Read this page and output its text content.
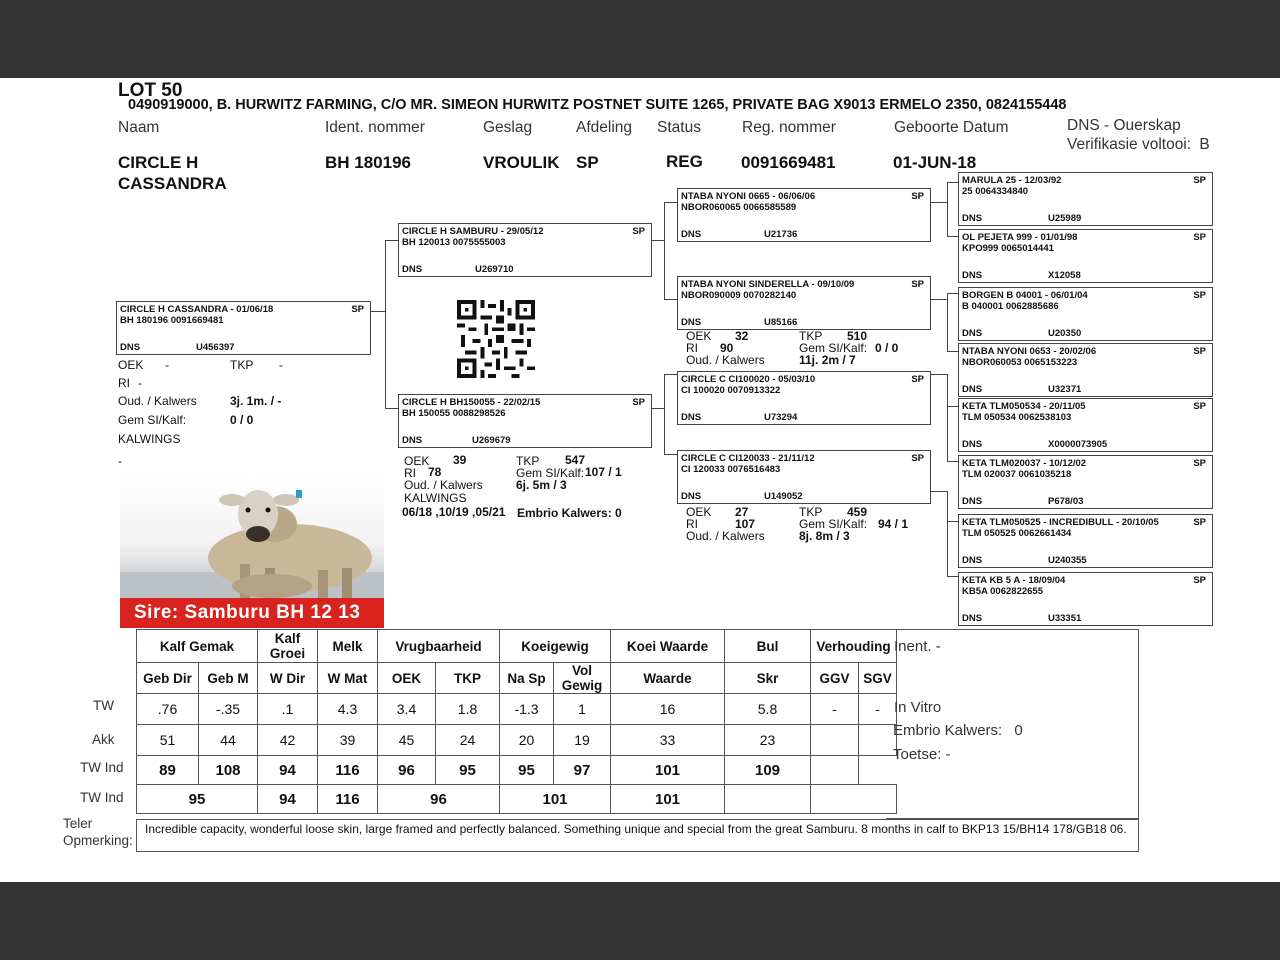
LOT 50
0490919000, B. HURWITZ FARMING, C/O MR. SIMEON HURWITZ POSTNET SUITE 1265, PRIVATE BAG X9013 ERMELO 2350, 0824155448
Naam	Ident. nommer	Geslag	Afdeling Status	Reg. nommer	Geboorte Datum	DNS - Ouerskap
Verifikasie voltooi: B
CIRCLE H
CASSANDRA
BH 180196	VROULIK SP	REG 0091669481	01-JUN-18
CIRCLE H CASSANDRA - 01/06/18	SP
BH 180196 0091669481
DNS	U456397
OEK -	TKP -
RI -
Oud. / Kalwers	3j. 1m. / -
Gem SI/Kalf:	0 / 0
KALWINGS
-
Sire: Samburu BH 12 13
CIRCLE H SAMBURU - 29/05/12	SP
BH 120013 0075555003
DNS	U269710
CIRCLE H BH150055 - 22/02/15	SP
BH 150055 0088298526
DNS	U269679
OEK 39	TKP 547
RI 78	Gem SI/Kalf: 107 / 1
Oud. / Kalwers	6j. 5m / 3
KALWINGS
06/18 ,10/19 ,05/21 Embrio Kalwers: 0
NTABA NYONI 0665 - 06/06/06	SP
NBOR060065 0066585589
DNS	U21736
NTABA NYONI SINDERELLA - 09/10/09	SP
NBOR090009 0070282140
DNS	U85166
OEK 32	TKP 510
RI 90	Gem SI/Kalf: 0 / 0
Oud. / Kalwers	11j. 2m / 7
CIRCLE C CI100020 - 05/03/10	SP
CI 100020 0070913322
DNS	U73294
CIRCLE C CI120033 - 21/11/12	SP
CI 120033 0076516483
DNS	U149052
OEK 27	TKP 459
RI	107	Gem SI/Kalf: 94 / 1
Oud. / Kalwers	8j. 8m / 3
MARULA 25 - 12/03/92	SP
25 0064334840
DNS	U25989
OL PEJETA 999 - 01/01/98	SP
KPO999 0065014441
DNS	X12058
BORGEN B 04001 - 06/01/04	SP
B 040001 0062885686
DNS	U20350
NTABA NYONI 0653 - 20/02/06	SP
NBOR060053 0065153223
DNS	U32371
KETA TLM050534 - 20/11/05	SP
TLM 050534 0062538103
DNS	X0000073905
KETA TLM020037 - 10/12/02	SP
TLM 020037 0061035218
DNS	P678/03
KETA TLM050525 - INCREDIBULL - 20/10/05	SP
TLM 050525 0062661434
DNS	U240355
KETA KB 5 A - 18/09/04	SP
KB5A 0062822655
DNS	U33351
TW
Akk
TW Ind
TW Ind
Kalf Gemak		Kalf Groei	Melk	Vrugbaarheid		Koeigewig		Koei Waarde	Bul	Verhouding	
Geb Dir	Geb M	W Dir	W Mat	OEK	TKP	Na Sp	Vol Gewig	Waarde	Skr	GGV	SGV
.76	-.35	.1	4.3	3.4	1.8	-1.3	1	16	5.8	-	-
51	44	42	39	45	24	20	19	33	23		
89	108	94	116	96	95	95	97	101	109		
95		94	116	96		101		101			
Inent. -
In Vitro
Embrio Kalwers: 0
Toetse: -
Teler
Opmerking:
Incredible capacity, wonderful loose skin, large framed and perfectly balanced. Something unique and special from the great Samburu. 8 months in calf to BKP13 15/BH14 178/GB18 06.
